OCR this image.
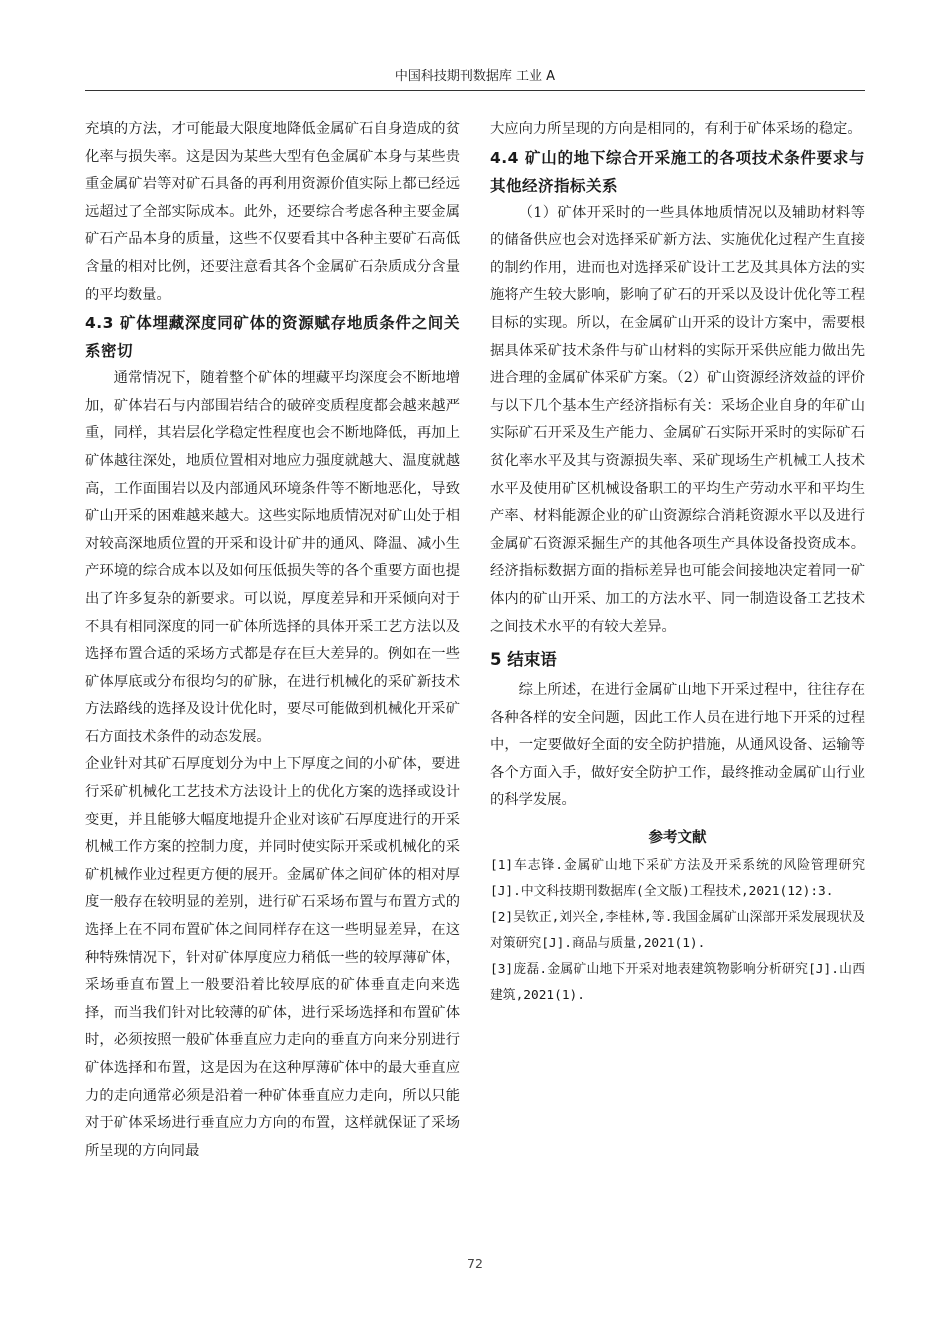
中国科技期刊数据库 工业 A

充填的方法，才可能最大限度地降低金属矿石自身造成的贫化率与损失率。这是因为某些大型有色金属矿本身与某些贵重金属矿岩等对矿石具备的再利用资源价值实际上都已经远远超过了全部实际成本。此外，还要综合考虑各种主要金属矿石产品本身的质量，这些不仅要看其中各种主要矿石高低含量的相对比例，还要注意看其各个金属矿石杂质成分含量的平均数量。

4.3 矿体埋藏深度同矿体的资源赋存地质条件之间关系密切

通常情况下，随着整个矿体的埋藏平均深度会不断地增加，矿体岩石与内部围岩结合的破碎变质程度都会越来越严重，同样，其岩层化学稳定性程度也会不断地降低，再加上矿体越往深处，地质位置相对地应力强度就越大、温度就越高，工作面围岩以及内部通风环境条件等不断地恶化，导致矿山开采的困难越来越大。这些实际地质情况对矿山处于相对较高深地质位置的开采和设计矿井的通风、降温、减小生产环境的综合成本以及如何压低损失等的各个重要方面也提出了许多复杂的新要求。可以说，厚度差异和开采倾向对于不具有相同深度的同一矿体所选择的具体开采工艺方法以及选择布置合适的采场方式都是存在巨大差异的。例如在一些矿体厚底或分布很均匀的矿脉，在进行机械化的采矿新技术方法路线的选择及设计优化时，要尽可能做到机械化开采矿石方面技术条件的动态发展。

企业针对其矿石厚度划分为中上下厚度之间的小矿体，要进行采矿机械化工艺技术方法设计上的优化方案的选择或设计变更，并且能够大幅度地提升企业对该矿石厚度进行的开采机械工作方案的控制力度，并同时使实际开采或机械化的采矿机械作业过程更方便的展开。金属矿体之间矿体的相对厚度一般存在较明显的差别，进行矿石采场布置与布置方式的选择上在不同布置矿体之间同样存在这一些明显差异，在这种特殊情况下，针对矿体厚度应力稍低一些的较厚薄矿体，采场垂直布置上一般要沿着比较厚底的矿体垂直走向来选择，而当我们针对比较薄的矿体，进行采场选择和布置矿体时，必须按照一般矿体垂直应力走向的垂直方向来分别进行矿体选择和布置，这是因为在这种厚薄矿体中的最大垂直应力的走向通常必须是沿着一种矿体垂直应力走向，所以只能对于矿体采场进行垂直应力方向的布置，这样就保证了采场所呈现的方向同最

大应向力所呈现的方向是相同的，有利于矿体采场的稳定。

4.4 矿山的地下综合开采施工的各项技术条件要求与其他经济指标关系

（1）矿体开采时的一些具体地质情况以及辅助材料等的储备供应也会对选择采矿新方法、实施优化过程产生直接的制约作用，进而也对选择采矿设计工艺及其具体方法的实施将产生较大影响，影响了矿石的开采以及设计优化等工程目标的实现。所以，在金属矿山开采的设计方案中，需要根据具体采矿技术条件与矿山材料的实际开采供应能力做出先进合理的金属矿体采矿方案。（2）矿山资源经济效益的评价与以下几个基本生产经济指标有关：采场企业自身的年矿山实际矿石开采及生产能力、金属矿石实际开采时的实际矿石贫化率水平及其与资源损失率、采矿现场生产机械工人技术水平及使用矿区机械设备职工的平均生产劳动水平和平均生产率、材料能源企业的矿山资源综合消耗资源水平以及进行金属矿石资源采掘生产的其他各项生产具体设备投资成本。经济指标数据方面的指标差异也可能会间接地决定着同一矿体内的矿山开采、加工的方法水平、同一制造设备工艺技术之间技术水平的有较大差异。

5 结束语

综上所述，在进行金属矿山地下开采过程中，往往存在各种各样的安全问题，因此工作人员在进行地下开采的过程中，一定要做好全面的安全防护措施，从通风设备、运输等各个方面入手，做好安全防护工作，最终推动金属矿山行业的科学发展。

参考文献
[1]车志锋.金属矿山地下采矿方法及开采系统的风险管理研究[J].中文科技期刊数据库(全文版)工程技术,2021(12):3.
[2]吴钦正,刘兴全,李桂林,等.我国金属矿山深部开采发展现状及对策研究[J].商品与质量,2021(1).
[3]庞磊.金属矿山地下开采对地表建筑物影响分析研究[J].山西建筑,2021(1).
72
